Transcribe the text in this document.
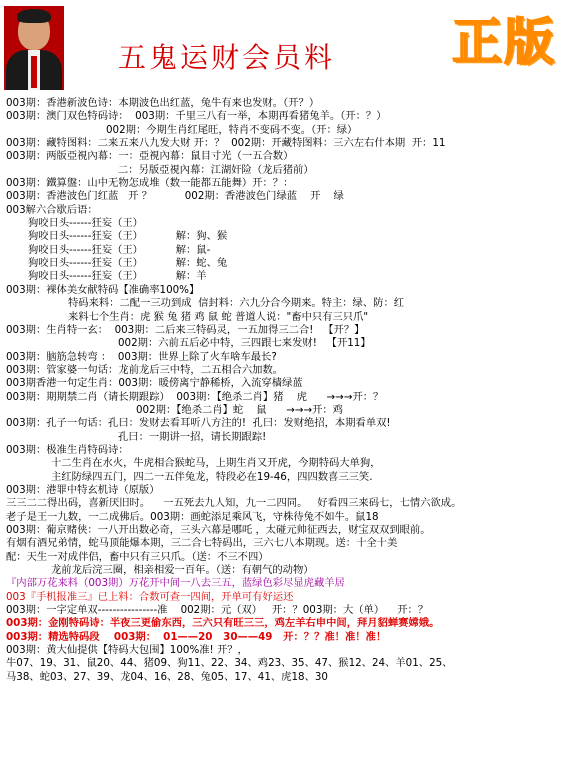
五鬼运财会员料 正版
003期：香港新波色诗：本期波色出红蓝，兔牛有来也发财。（开？）
003期：澳门双色特码诗：  003期：千里三八有一举，本期再看猪兔羊。（开：？）
002期：今期生肖红尾旺，特肖不变码不变。（开：绿）
003期：藏特图料：二来五来八九发大财 开：？  002期：开藏特图料：三六左右什本期  开：11
003期：两版亞視內幕：一：亞視內幕：鼠目寸光（一五合数）
二：另版亞視內幕：江湖奸险（龙后猪前）
003期：鐵算盤：山中无物怎成堆（数一能都五能舞）开：？：
003期：香港波色门红蓝   开 ？          002期：香港波色门绿蓝    开    绿
003解六合歇后语：
狗咬日头------狂妄（王）
狗咬日头------狂妄（王）          解：狗、猴
狗咬日头------狂妄（王）          解：鼠-
狗咬日头------狂妄（王）          解：蛇、兔
狗咬日头------狂妄（王）          解：羊
003期：裸体美女献特码【准确率100%】
特码来料：二配一三功到成  信封料：六九分合今期来。特主：绿、防：红
来料七个生肖：虎 猴 兔 猪 鸡 鼠 蛇 普道人说："畜中只有三只爪"
003期：生肖特一玄：  003期：二后来三特码灵，一五加得三二合!   【开？】
002期：六前五后必中特，三四跟七来发财!   【开11】
003期：脑筋急转弯 ：  003期：世界上除了火车啥车最长?
003期：管家婆一句话：龙前龙后三中特，二五相合六加数。
003期香港一句定生肖：003期：暖傍离宁静稀桥，入流穿樯绿蓝
003期：期期禁二肖（请长期跟踪）  003期：【绝杀二肖】猪    虎      →→→开：？
002期：【绝杀二肖】蛇    鼠      →→→开：鸡
003期：孔子一句话：孔曰：发财去看耳听八方注的!  孔曰：发财绝招，本期看单双!
孔曰：一期讲一招，请长期跟踪!
003期：极准生肖特码诗：
十二生肖在水火，牛虎相合猴蛇马，上期生肖又开虎，今期特码大单狗，
主红防绿四五门，四二一五伴兔龙，特段必在19-46，四四数喜三三笑.
003期：港罪中特玄机诗（原版）
三三二二得出码，喜新厌旧时。    一五死去九人知，九一二四同。   好看四三来码七，七情六欲成。
老子是王一九数，一二成佛后。003期：画蛇添足乘风飞，守株待兔不如牛。鼠18
003期：葡京赌侠：一八开出数必奇，三头六幕是哪吒 ，太碰元帅征西去，财宝双双到眼前。
有烟有酒兄弟情，蛇马顶能爆本期，三二合七特码出，三六七八本期现。送：十全十美
配：天生一对成伴侣，畜中只有三只爪。（送：不三不四）
龙前龙后浣三圈，相亲相爱一百年。（送：有朝气的动物）
『内部万花来料（003期）万花开中间一八去三五，蓝绿色彩尽显虎藏羊居
003『手机报准三』已上料：合数可查一四间，开单可有好运还
003期：一字定单双----------------准    002期：元（双）   开：？003期：大（单）    开：？
003期：金刚特码诗：半夜三更偷东西，三六只有旺三三，鸡左羊右申中间，拜月貂蝉赛嫦娥。
003期：精选特码段    003期：  01——20   30——49   开：？？准！准！准！
003期：黄大仙提供【特码大包围】100%准! 开？，
牛07、19、31、鼠20、44、猪09、狗11、22、34、鸡23、35、47、猴12、24、羊01、25、
马38、蛇03、27、39、龙04、16、28、兔05、17、41、虎18、30
